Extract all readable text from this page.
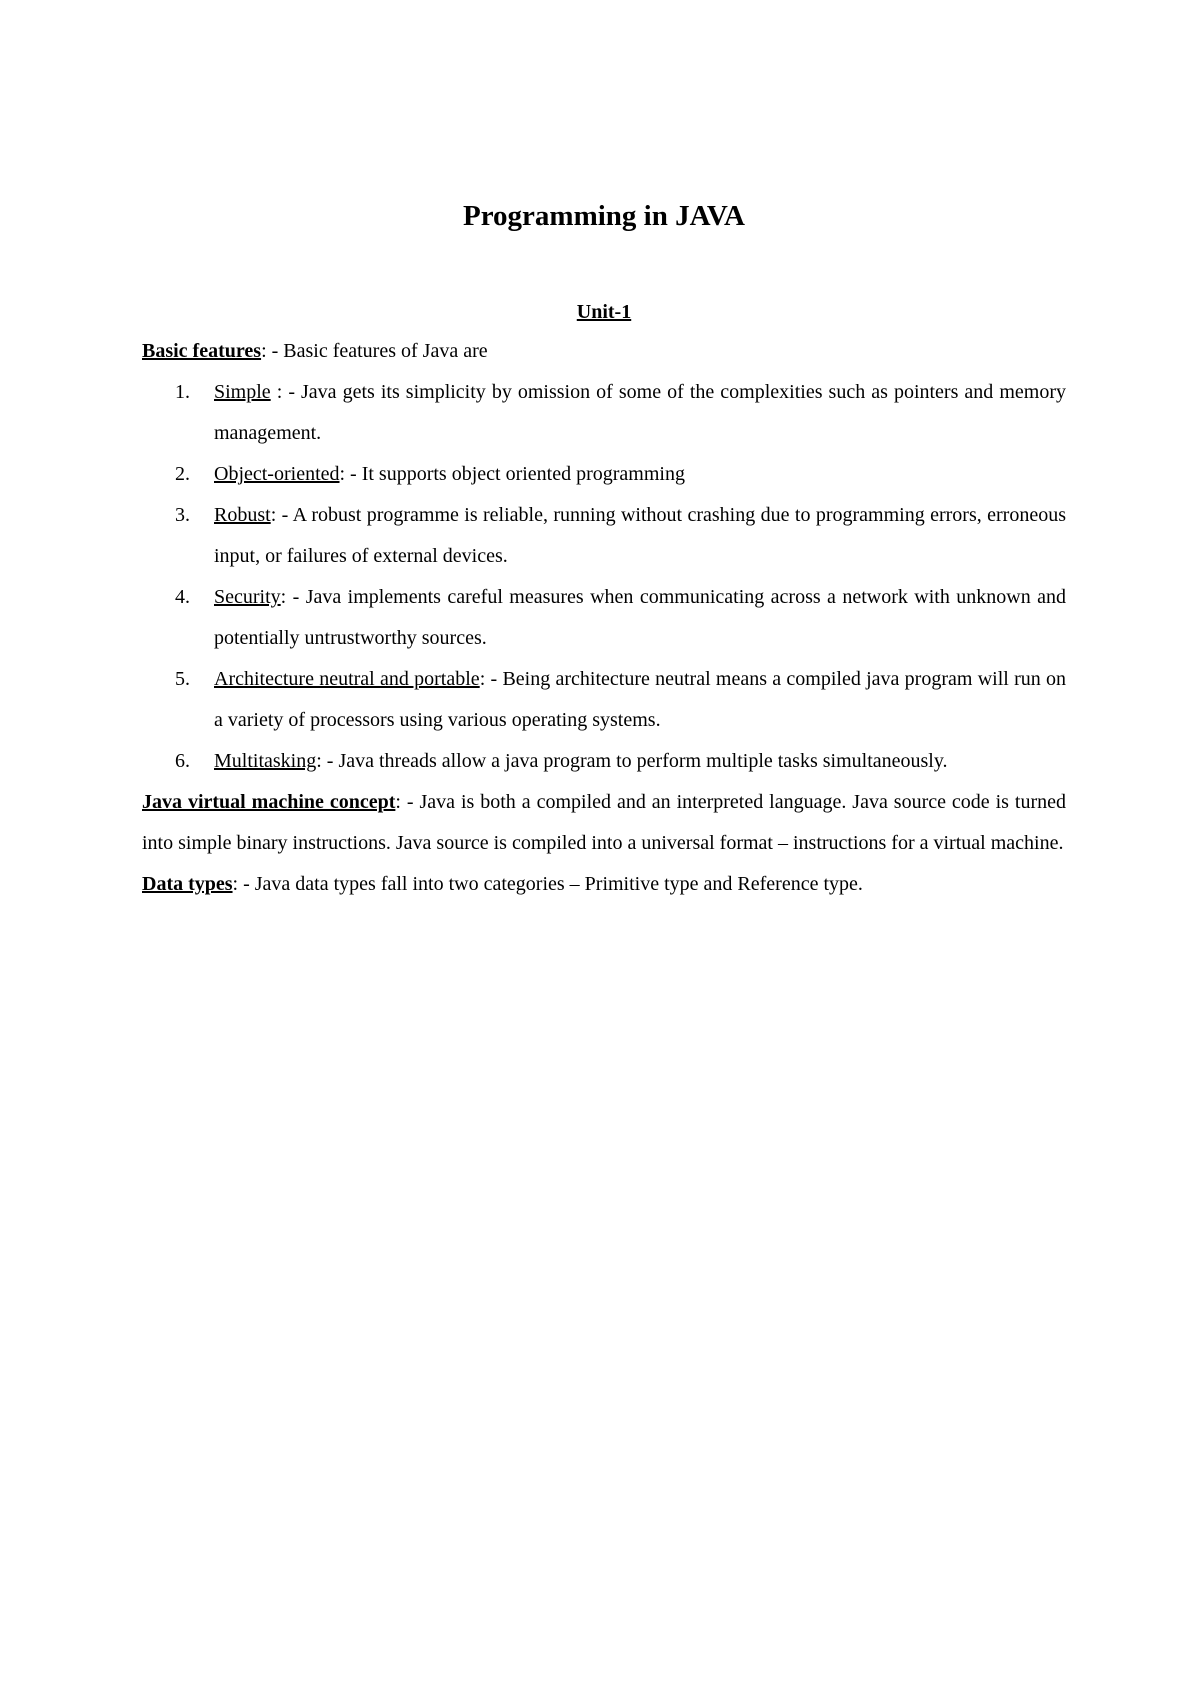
Programming in JAVA
Unit-1

Basic features: - Basic features of Java are

1. Simple : - Java gets its simplicity by omission of some of the complexities such as pointers and memory management.
2. Object-oriented: - It supports object oriented programming
3. Robust: - A robust programme is reliable, running without crashing due to programming errors, erroneous input, or failures of external devices.
4. Security: - Java implements careful measures when communicating across a network with unknown and potentially untrustworthy sources.
5. Architecture neutral and portable: - Being architecture neutral means a compiled java program will run on a variety of processors using various operating systems.
6. Multitasking: - Java threads allow a java program to perform multiple tasks simultaneously.

Java virtual machine concept: - Java is both a compiled and an interpreted language. Java source code is turned into simple binary instructions. Java source is compiled into a universal format – instructions for a virtual machine.

Data types: - Java data types fall into two categories – Primitive type and Reference type.
